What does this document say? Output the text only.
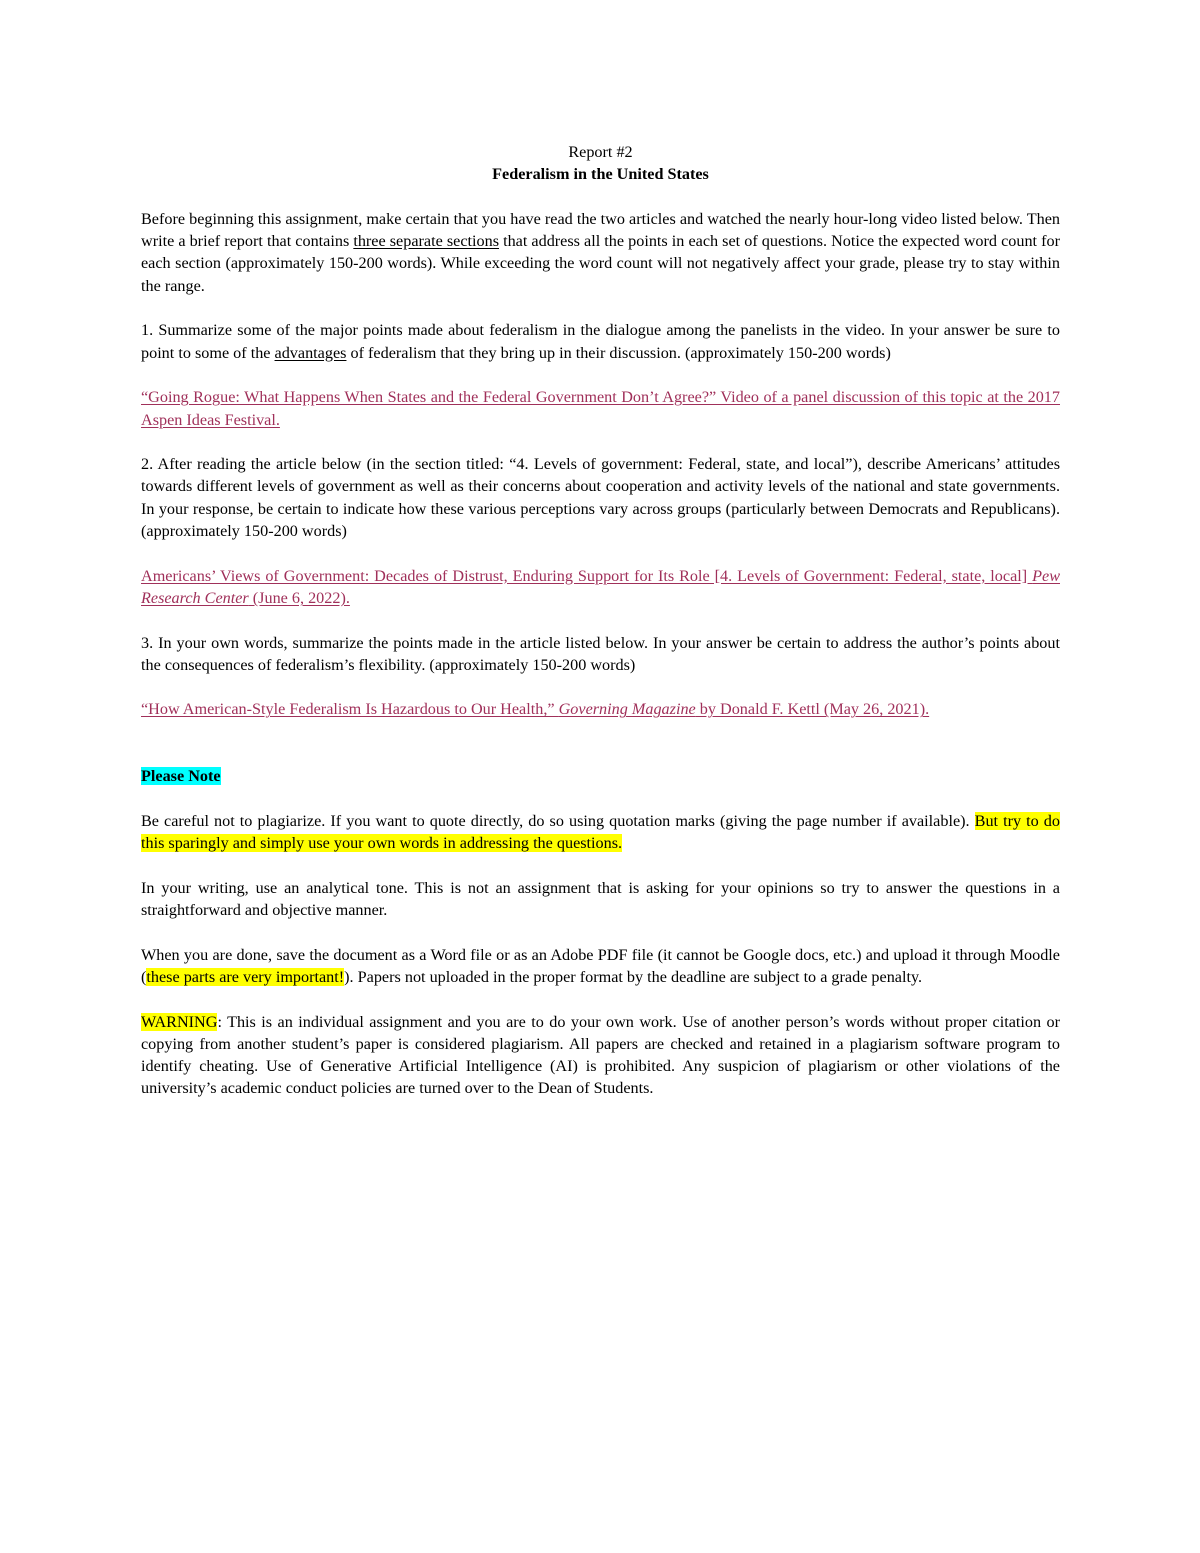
Report #2
Federalism in the United States

Before beginning this assignment, make certain that you have read the two articles and watched the nearly hour-long video listed below. Then write a brief report that contains three separate sections that address all the points in each set of questions. Notice the expected word count for each section (approximately 150-200 words). While exceeding the word count will not negatively affect your grade, please try to stay within the range.

1. Summarize some of the major points made about federalism in the dialogue among the panelists in the video. In your answer be sure to point to some of the advantages of federalism that they bring up in their discussion. (approximately 150-200 words)

“Going Rogue: What Happens When States and the Federal Government Don’t Agree?” Video of a panel discussion of this topic at the 2017 Aspen Ideas Festival.

2. After reading the article below (in the section titled: “4. Levels of government: Federal, state, and local”), describe Americans’ attitudes towards different levels of government as well as their concerns about cooperation and activity levels of the national and state governments. In your response, be certain to indicate how these various perceptions vary across groups (particularly between Democrats and Republicans). (approximately 150-200 words)

Americans’ Views of Government: Decades of Distrust, Enduring Support for Its Role [4. Levels of Government: Federal, state, local] Pew Research Center (June 6, 2022).

3. In your own words, summarize the points made in the article listed below. In your answer be certain to address the author’s points about the consequences of federalism’s flexibility. (approximately 150-200 words)

“How American-Style Federalism Is Hazardous to Our Health,” Governing Magazine by Donald F. Kettl (May 26, 2021).

Please Note

Be careful not to plagiarize. If you want to quote directly, do so using quotation marks (giving the page number if available). But try to do this sparingly and simply use your own words in addressing the questions.

In your writing, use an analytical tone. This is not an assignment that is asking for your opinions so try to answer the questions in a straightforward and objective manner.

When you are done, save the document as a Word file or as an Adobe PDF file (it cannot be Google docs, etc.) and upload it through Moodle (these parts are very important!). Papers not uploaded in the proper format by the deadline are subject to a grade penalty.

WARNING: This is an individual assignment and you are to do your own work. Use of another person’s words without proper citation or copying from another student’s paper is considered plagiarism. All papers are checked and retained in a plagiarism software program to identify cheating. Use of Generative Artificial Intelligence (AI) is prohibited. Any suspicion of plagiarism or other violations of the university’s academic conduct policies are turned over to the Dean of Students.
